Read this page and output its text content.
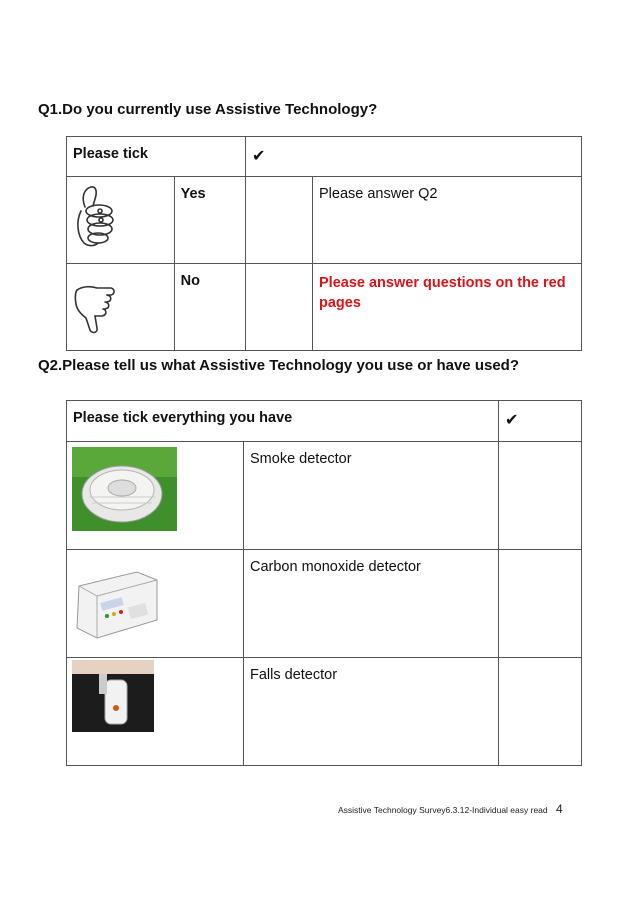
Q1.Do you currently use Assistive Technology?
Please tick		✔	

	Yes		Please answer Q2

	No		Please answer questions on the red pages
Q2.Please tell us what Assistive Technology you use or have used?
Please tick everything you have		✔

	Smoke detector	

	Carbon monoxide detector	

	Falls detector	
Assistive Technology Survey6.3.12-Individual easy read 4
